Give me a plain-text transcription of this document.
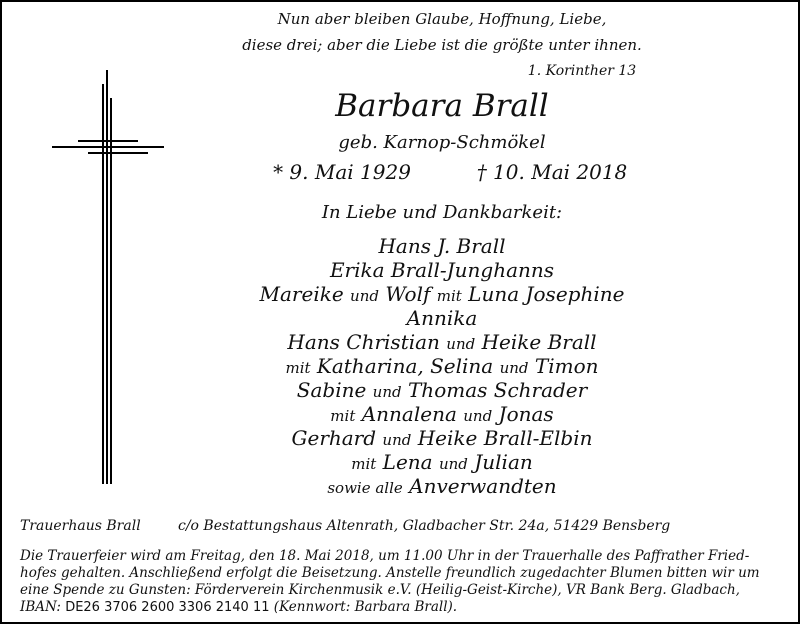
Nun aber bleiben Glaube, Hoffnung, Liebe,
diese drei; aber die Liebe ist die größte unter ihnen.
1. Korinther 13
Barbara Brall
geb. Karnop-Schmökel
* 9. Mai 1929	† 10. Mai 2018
In Liebe und Dankbarkeit:
Hans J. Brall
Erika Brall-Junghanns
Mareike und Wolf mit Luna Josephine
Annika
Hans Christian und Heike Brall
mit Katharina, Selina und Timon
Sabine und Thomas Schrader
mit Annalena und Jonas
Gerhard und Heike Brall-Elbin
mit Lena und Julian
sowie alle Anverwandten
Trauerhaus Brall	c/o Bestattungshaus Altenrath, Gladbacher Str. 24a, 51429 Bensberg
Die Trauerfeier wird am Freitag, den 18. Mai 2018, um 11.00 Uhr in der Trauerhalle des Paffrather Fried-
hofes gehalten. Anschließend erfolgt die Beisetzung. Anstelle freundlich zugedachter Blumen bitten wir um
eine Spende zu Gunsten: Förderverein Kirchenmusik e.V. (Heilig-Geist-Kirche), VR Bank Berg. Gladbach,
IBAN: DE26 3706 2600 3306 2140 11 (Kennwort: Barbara Brall).
